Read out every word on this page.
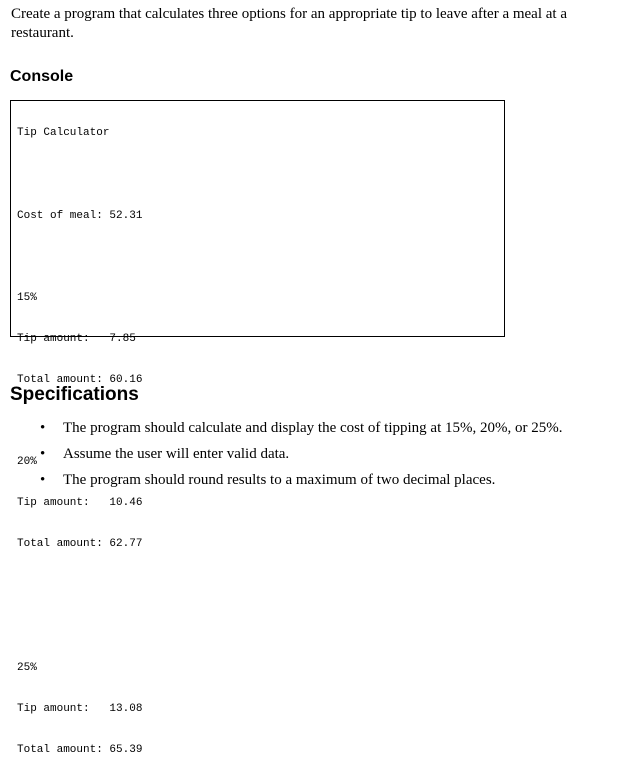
Create a program that calculates three options for an appropriate tip to leave after a meal at a restaurant.

Console

Tip Calculator

Cost of meal: 52.31

15%

Tip amount:   7.85

Total amount: 60.16

20%

Tip amount:   10.46

Total amount: 62.77

25%

Tip amount:   13.08

Total amount: 65.39

Specifications
• The program should calculate and display the cost of tipping at 15%, 20%, or 25%.
• Assume the user will enter valid data.
• The program should round results to a maximum of two decimal places.
